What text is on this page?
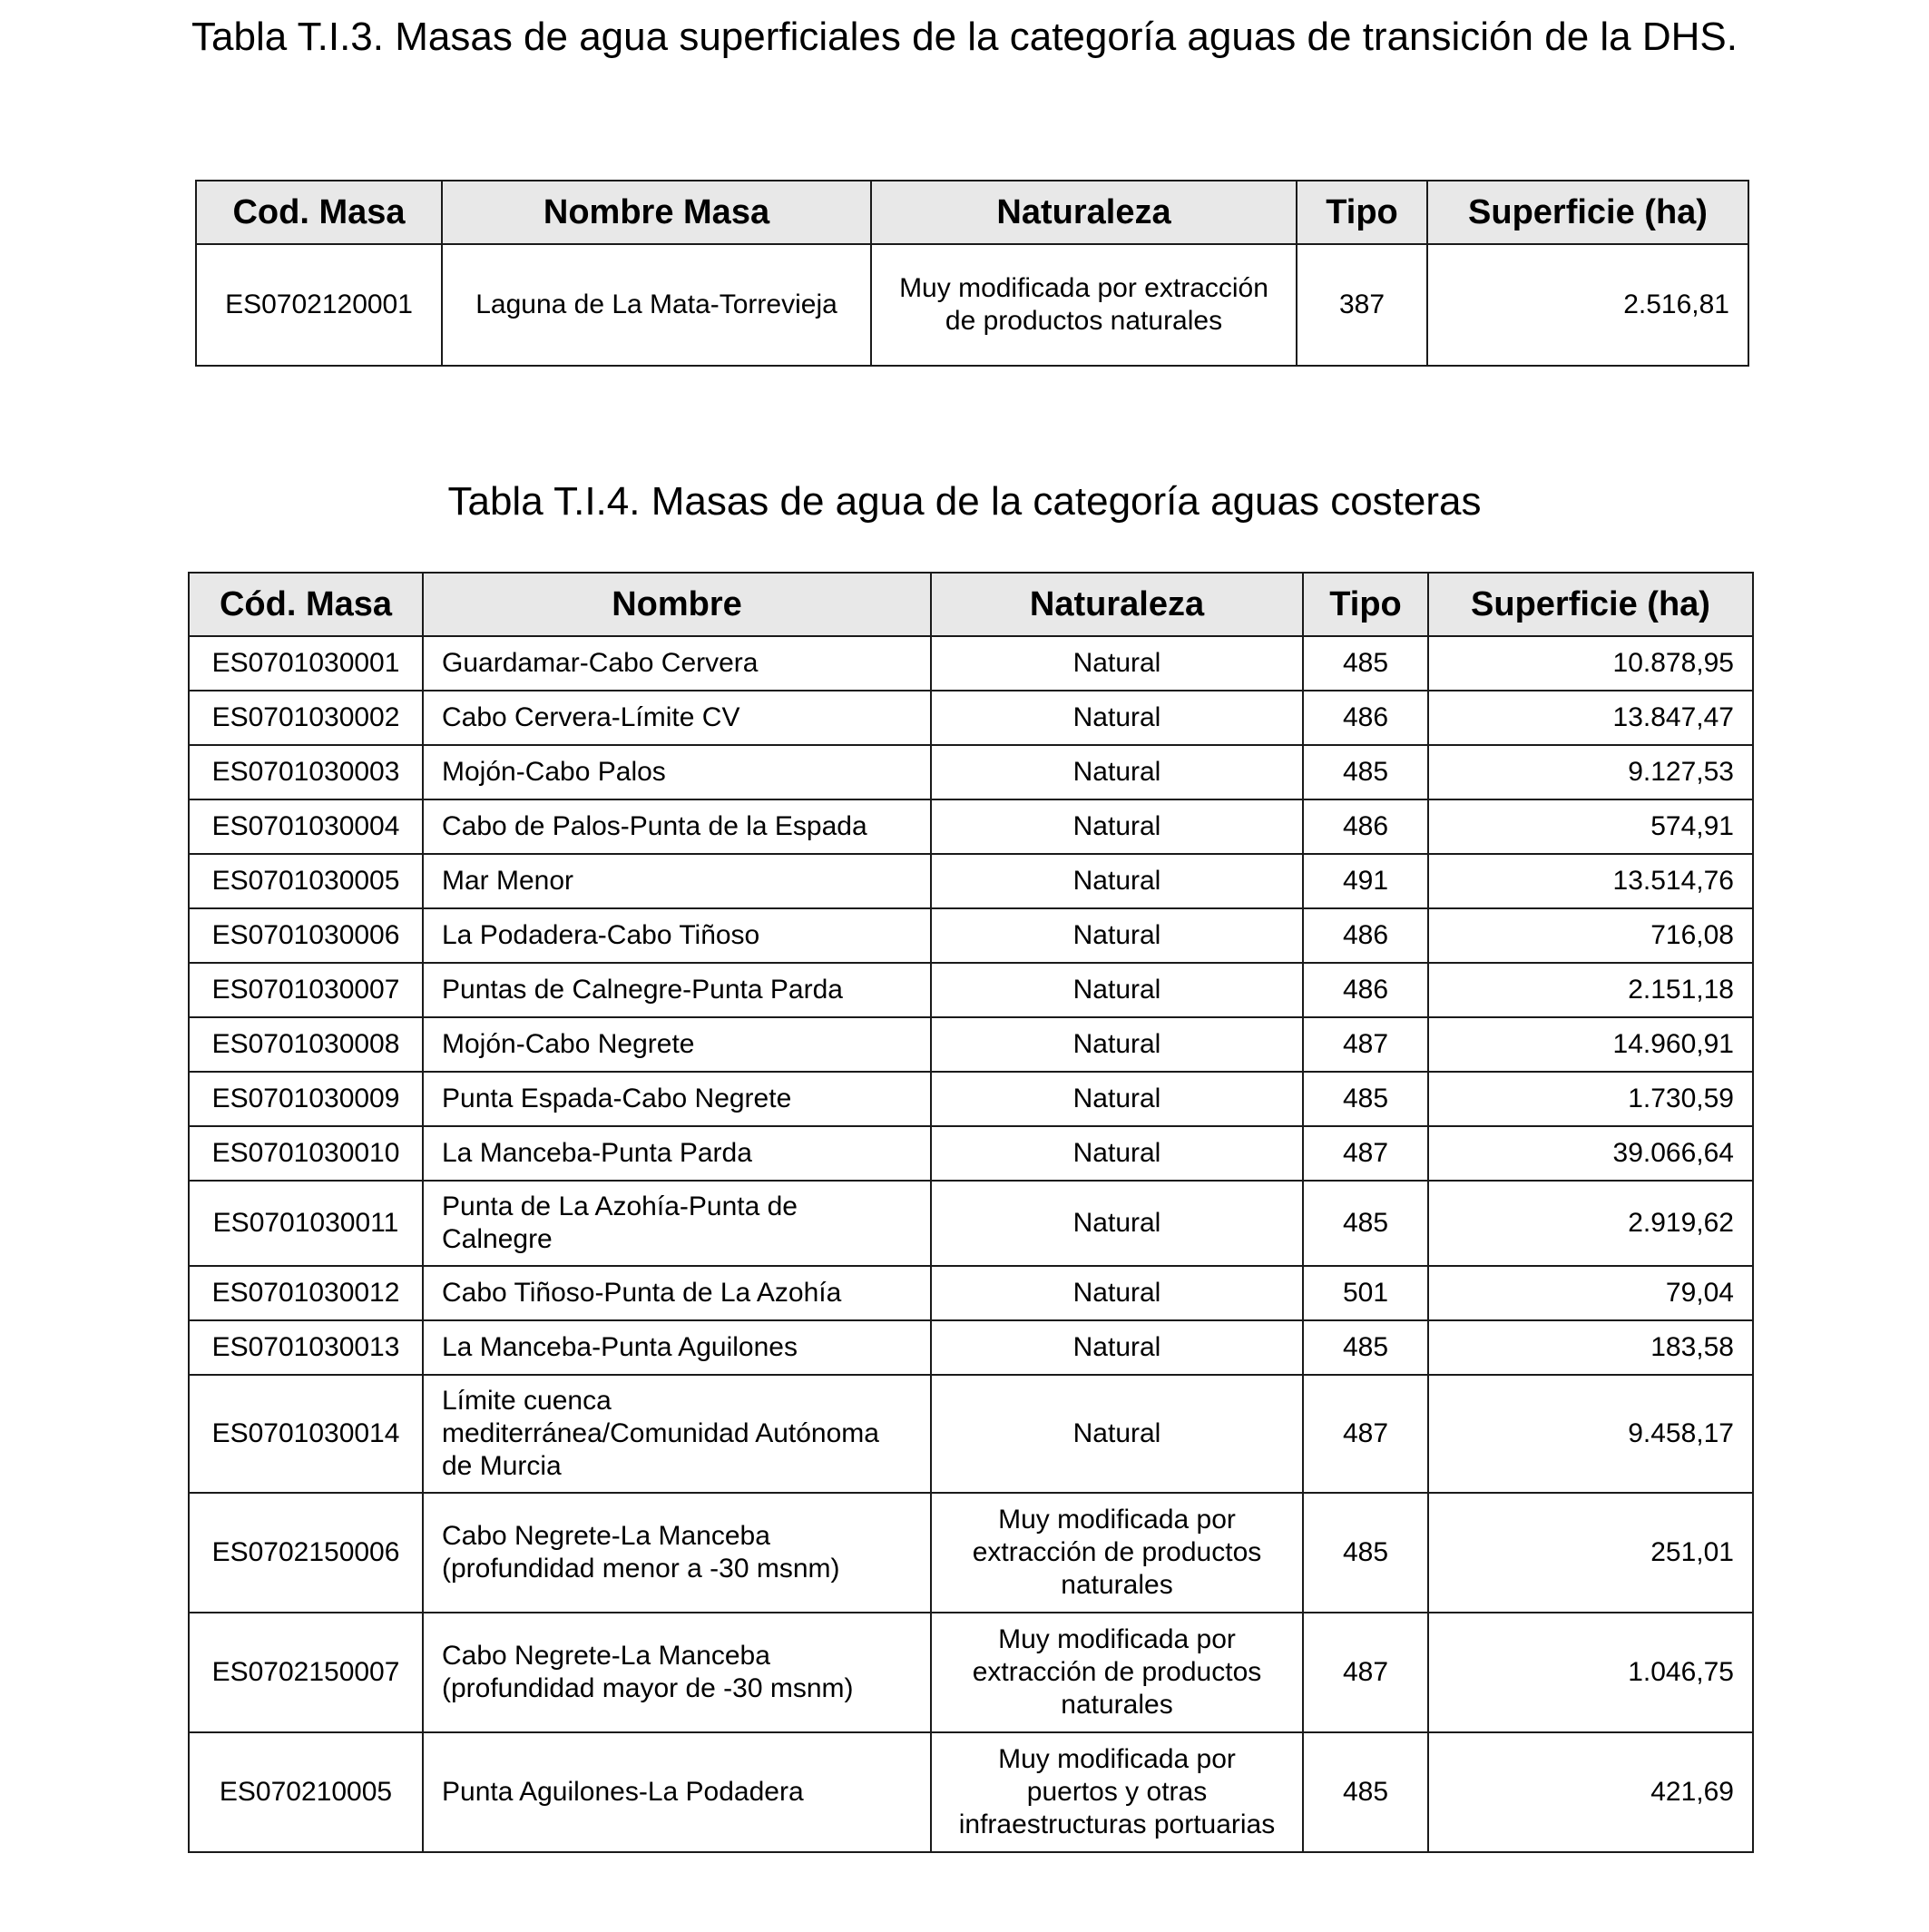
Tabla T.I.3. Masas de agua superficiales de la categoría aguas de transición de la DHS.
Cod. Masa	Nombre Masa	Naturaleza	Tipo	Superficie (ha)
ES0702120001	Laguna de La Mata-Torrevieja	Muy modificada por extracción de productos naturales	387	2.516,81
Tabla T.I.4. Masas de agua de la categoría aguas costeras
Cód. Masa	Nombre	Naturaleza	Tipo	Superficie (ha)
ES0701030001	Guardamar-Cabo Cervera	Natural	485	10.878,95
ES0701030002	Cabo Cervera-Límite CV	Natural	486	13.847,47
ES0701030003	Mojón-Cabo Palos	Natural	485	9.127,53
ES0701030004	Cabo de Palos-Punta de la Espada	Natural	486	574,91
ES0701030005	Mar Menor	Natural	491	13.514,76
ES0701030006	La Podadera-Cabo Tiñoso	Natural	486	716,08
ES0701030007	Puntas de Calnegre-Punta Parda	Natural	486	2.151,18
ES0701030008	Mojón-Cabo Negrete	Natural	487	14.960,91
ES0701030009	Punta Espada-Cabo Negrete	Natural	485	1.730,59
ES0701030010	La Manceba-Punta Parda	Natural	487	39.066,64
ES0701030011	Punta de La Azohía-Punta de Calnegre	Natural	485	2.919,62
ES0701030012	Cabo Tiñoso-Punta de La Azohía	Natural	501	79,04
ES0701030013	La Manceba-Punta Aguilones	Natural	485	183,58
ES0701030014	Límite cuenca mediterránea/Comunidad Autónoma de Murcia	Natural	487	9.458,17
ES0702150006	Cabo Negrete-La Manceba (profundidad menor a -30 msnm)	Muy modificada por extracción de productos naturales	485	251,01
ES0702150007	Cabo Negrete-La Manceba (profundidad mayor de -30 msnm)	Muy modificada por extracción de productos naturales	487	1.046,75
ES070210005	Punta Aguilones-La Podadera	Muy modificada por puertos y otras infraestructuras portuarias	485	421,69
